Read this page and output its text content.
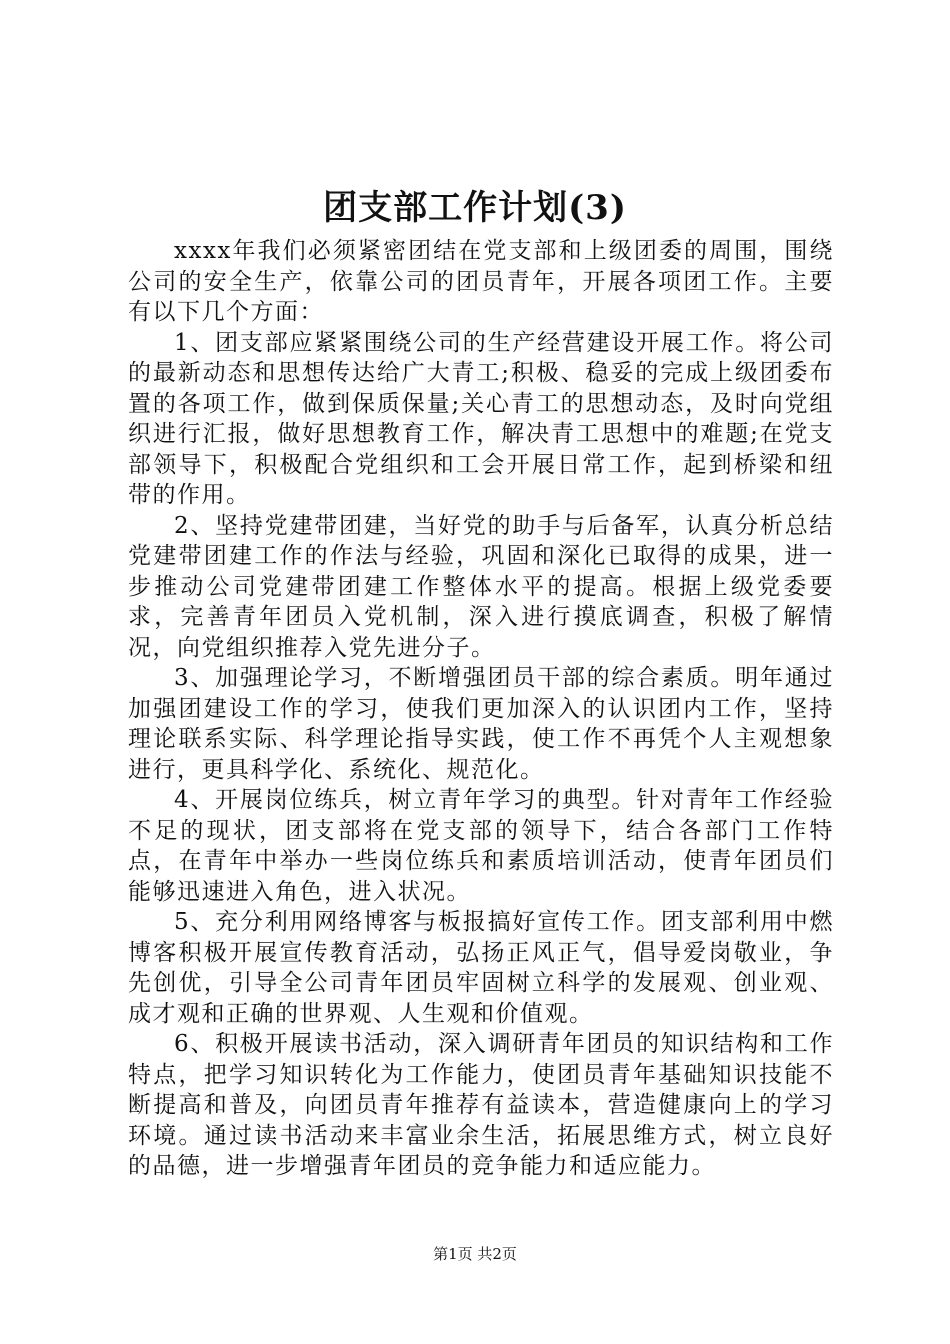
团支部工作计划(3)

xxxx年我们必须紧密团结在党支部和上级团委的周围，围绕公司的安全生产，依靠公司的团员青年，开展各项团工作。主要有以下几个方面：

1、团支部应紧紧围绕公司的生产经营建设开展工作。将公司的最新动态和思想传达给广大青工;积极、稳妥的完成上级团委布置的各项工作，做到保质保量;关心青工的思想动态，及时向党组织进行汇报，做好思想教育工作，解决青工思想中的难题;在党支部领导下，积极配合党组织和工会开展日常工作，起到桥梁和纽带的作用。

2、坚持党建带团建，当好党的助手与后备军，认真分析总结党建带团建工作的作法与经验，巩固和深化已取得的成果，进一步推动公司党建带团建工作整体水平的提高。根据上级党委要求，完善青年团员入党机制，深入进行摸底调查，积极了解情况，向党组织推荐入党先进分子。

3、加强理论学习，不断增强团员干部的综合素质。明年通过加强团建设工作的学习，使我们更加深入的认识团内工作，坚持理论联系实际、科学理论指导实践，使工作不再凭个人主观想象进行，更具科学化、系统化、规范化。

4、开展岗位练兵，树立青年学习的典型。针对青年工作经验不足的现状，团支部将在党支部的领导下，结合各部门工作特点，在青年中举办一些岗位练兵和素质培训活动，使青年团员们能够迅速进入角色，进入状况。

5、充分利用网络博客与板报搞好宣传工作。团支部利用中燃博客积极开展宣传教育活动，弘扬正风正气，倡导爱岗敬业，争先创优，引导全公司青年团员牢固树立科学的发展观、创业观、成才观和正确的世界观、人生观和价值观。

6、积极开展读书活动，深入调研青年团员的知识结构和工作特点，把学习知识转化为工作能力，使团员青年基础知识技能不断提高和普及，向团员青年推荐有益读本，营造健康向上的学习环境。通过读书活动来丰富业余生活，拓展思维方式，树立良好的品德，进一步增强青年团员的竞争能力和适应能力。

第1页 共2页
